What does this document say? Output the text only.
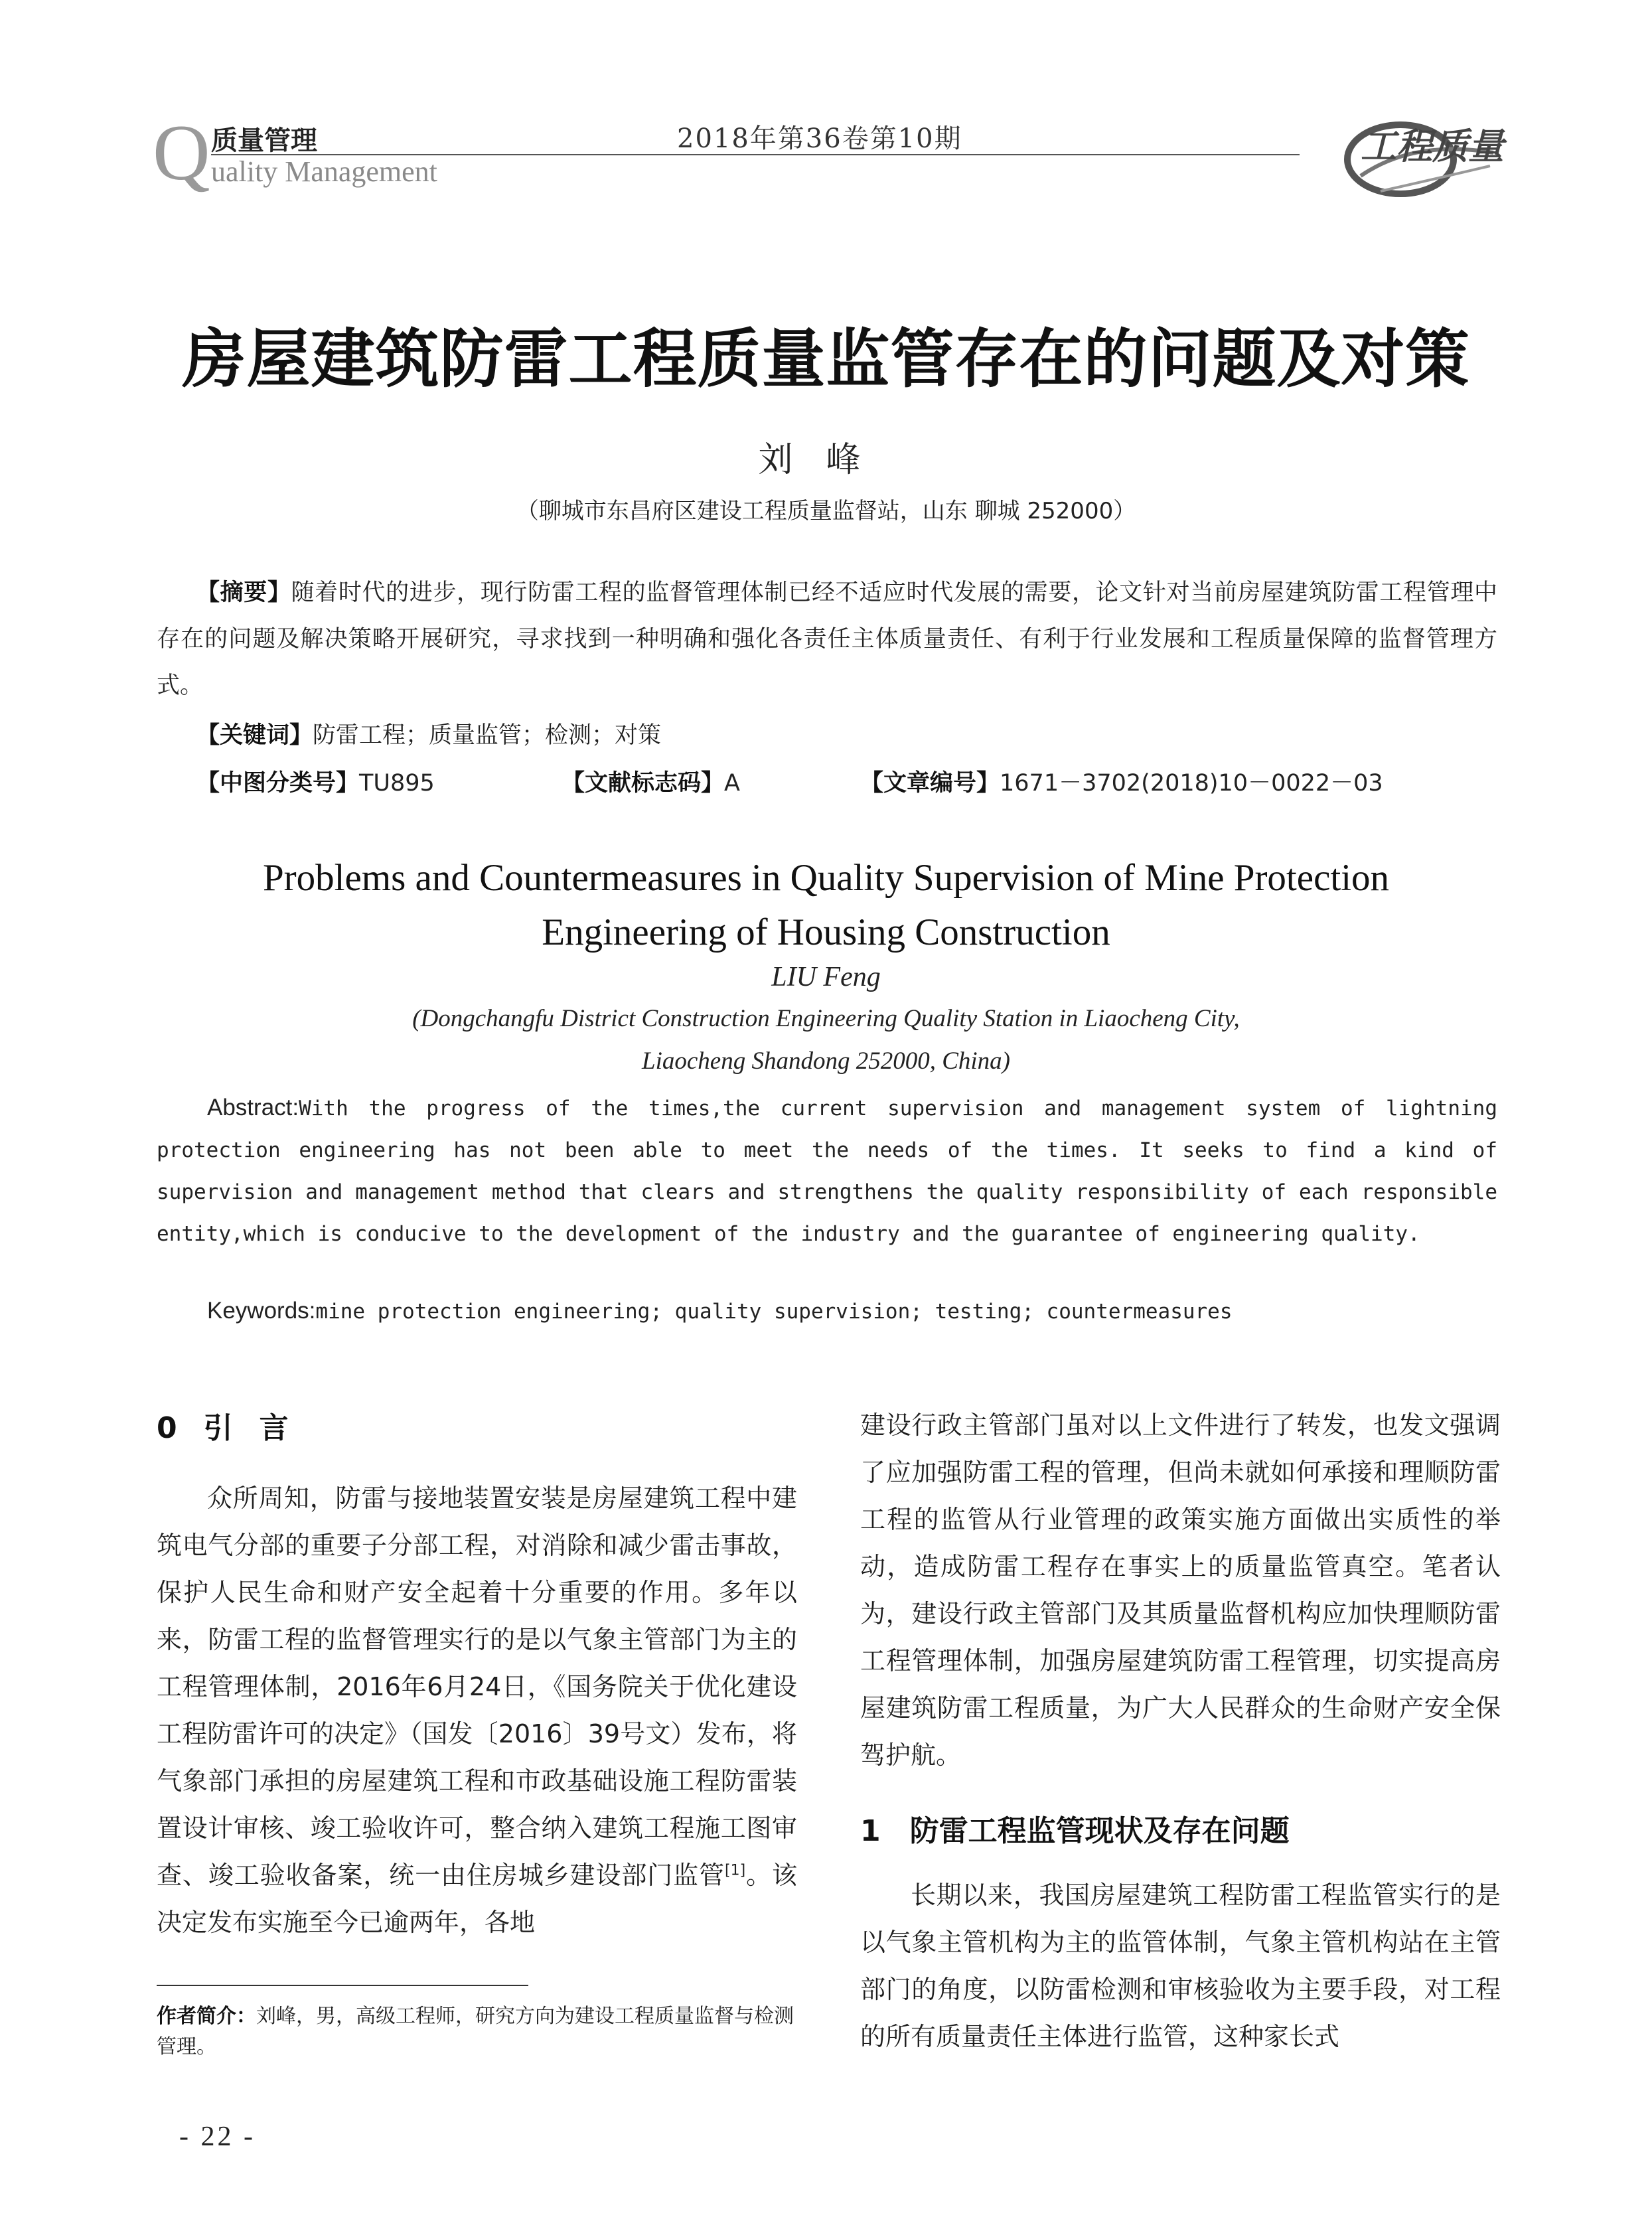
Q 质量管理
uality Management
2018年第36卷第10期	工程质量
房屋建筑防雷工程质量监管存在的问题及对策
刘峰
（聊城市东昌府区建设工程质量监督站，山东 聊城 252000）
【摘要】随着时代的进步，现行防雷工程的监督管理体制已经不适应时代发展的需要，论文针对当前房屋建筑防雷工程管理中存在的问题及解决策略开展研究，寻求找到一种明确和强化各责任主体质量责任、有利于行业发展和工程质量保障的监督管理方式。
【关键词】防雷工程；质量监管；检测；对策
【中图分类号】TU895	【文献标志码】A	【文章编号】1671－3702(2018)10－0022－03
Problems and Countermeasures in Quality Supervision of Mine Protection
Engineering of Housing Construction
LIU Feng
(Dongchangfu District Construction Engineering Quality Station in Liaocheng City,
Liaocheng Shandong 252000, China)
Abstract:With the progress of the times,the current supervision and management system of lightning protection engineering has not been able to meet the needs of the times. It seeks to find a kind of supervision and management method that clears and strengthens the quality responsibility of each responsible entity,which is conducive to the development of the industry and the guarantee of engineering quality.
Keywords:mine protection engineering; quality supervision; testing; countermeasures
0 引言

众所周知，防雷与接地装置安装是房屋建筑工程中建筑电气分部的重要子分部工程，对消除和减少雷击事故，保护人民生命和财产安全起着十分重要的作用。多年以来，防雷工程的监督管理实行的是以气象主管部门为主的工程管理体制，2016年6月24日，《国务院关于优化建设工程防雷许可的决定》（国发〔2016〕39号文）发布，将气象部门承担的房屋建筑工程和市政基础设施工程防雷装置设计审核、竣工验收许可，整合纳入建筑工程施工图审查、竣工验收备案，统一由住房城乡建设部门监管[1]。该决定发布实施至今已逾两年，各地

建设行政主管部门虽对以上文件进行了转发，也发文强调了应加强防雷工程的管理，但尚未就如何承接和理顺防雷工程的监管从行业管理的政策实施方面做出实质性的举动，造成防雷工程存在事实上的质量监管真空。笔者认为，建设行政主管部门及其质量监督机构应加快理顺防雷工程管理体制，加强房屋建筑防雷工程管理，切实提高房屋建筑防雷工程质量，为广大人民群众的生命财产安全保驾护航。

1 防雷工程监管现状及存在问题

长期以来，我国房屋建筑工程防雷工程监管实行的是以气象主管机构为主的监管体制，气象主管机构站在主管部门的角度，以防雷检测和审核验收为主要手段，对工程的所有质量责任主体进行监管，这种家长式

作者简介：刘峰，男，高级工程师，研究方向为建设工程质量监督与检测管理。
- 22 -
